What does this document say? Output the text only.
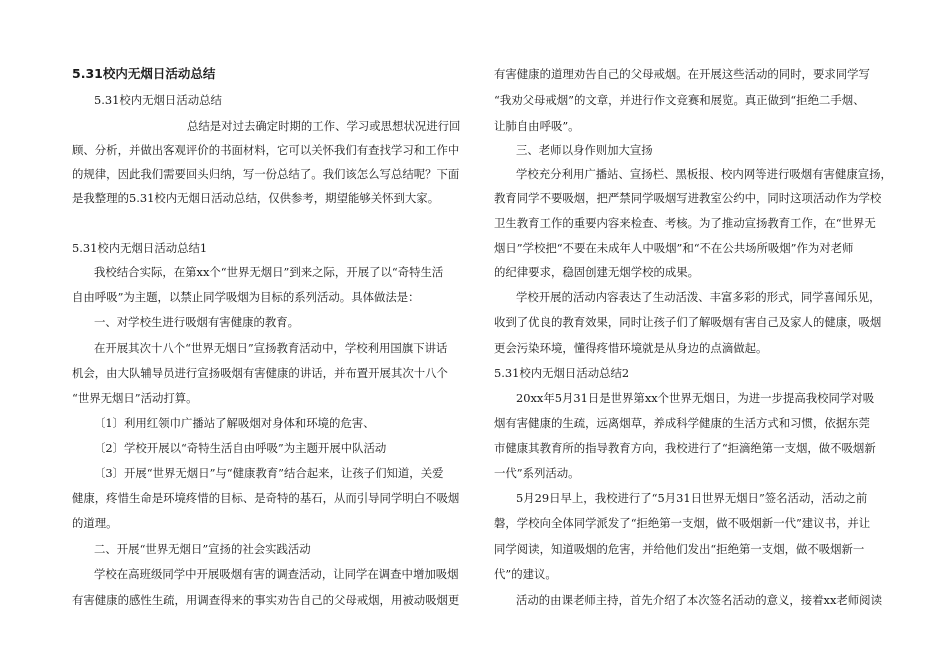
5.31校内无烟日活动总结
5.31校内无烟日活动总结
总结是对过去确定时期的工作、学习或思想状况进行回
顾、分析，并做出客观评价的书面材料，它可以关怀我们有查找学习和工作中
的规律，因此我们需要回头归纳，写一份总结了。我们该怎么写总结呢？下面
是我整理的5.31校内无烟日活动总结，仅供参考，期望能够关怀到大家。
5.31校内无烟日活动总结1
我校结合实际，在第xx个“世界无烟日”到来之际，开展了以“奇特生活
自由呼吸”为主题，以禁止同学吸烟为目标的系列活动。具体做法是：
一、对学校生进行吸烟有害健康的教育。
在开展其次十八个“世界无烟日”宣扬教育活动中，学校利用国旗下讲话
机会，由大队辅导员进行宣扬吸烟有害健康的讲话，并布置开展其次十八个
“世界无烟日”活动打算。
〔1〕利用红领巾广播站了解吸烟对身体和环境的危害、
〔2〕学校开展以“奇特生活自由呼吸”为主题开展中队活动
〔3〕开展“世界无烟日”与“健康教育”结合起来，让孩子们知道，关爱
健康，疼惜生命是环境疼惜的目标、是奇特的基石，从而引导同学明白不吸烟
的道理。
二、开展“世界无烟日”宣扬的社会实践活动
学校在高班级同学中开展吸烟有害的调查活动，让同学在调查中增加吸烟
有害健康的感性生疏，用调查得来的事实劝告自己的父母戒烟，用被动吸烟更
有害健康的道理劝告自己的父母戒烟。在开展这些活动的同时，要求同学写
“我劝父母戒烟”的文章，并进行作文竞赛和展览。真正做到“拒绝二手烟、
让肺自由呼吸”。
三、老师以身作则加大宣扬
学校充分利用广播站、宣扬栏、黑板报、校内网等进行吸烟有害健康宣扬，
教育同学不要吸烟，把严禁同学吸烟写进教室公约中，同时这项活动作为学校
卫生教育工作的重要内容来检查、考核。为了推动宣扬教育工作，在“世界无
烟日”学校把“不要在未成年人中吸烟”和“不在公共场所吸烟”作为对老师
的纪律要求，稳固创建无烟学校的成果。
学校开展的活动内容表达了生动活泼、丰富多彩的形式，同学喜闻乐见，
收到了优良的教育效果，同时让孩子们了解吸烟有害自己及家人的健康，吸烟
更会污染环境，懂得疼惜环境就是从身边的点滴做起。
5.31校内无烟日活动总结2
20xx年5月31日是世界第xx个世界无烟日，为进一步提高我校同学对吸
烟有害健康的生疏，远离烟草，养成科学健康的生活方式和习惯，依据东莞
市健康其教育所的指导教育方向，我校进行了“拒滴绝第一支烟，做不吸烟新
一代”系列活动。
5月29日早上，我校进行了“5月31日世界无烟日”签名活动，活动之前
磐，学校向全体同学派发了“拒绝第一支烟，做不吸烟新一代”建议书，并让
同学阅读，知道吸烟的危害，并给他们发出“拒绝第一支烟，做不吸烟新一
代”的建议。
活动的由课老师主持，首先介绍了本次签名活动的意义，接着xx老师阅读
